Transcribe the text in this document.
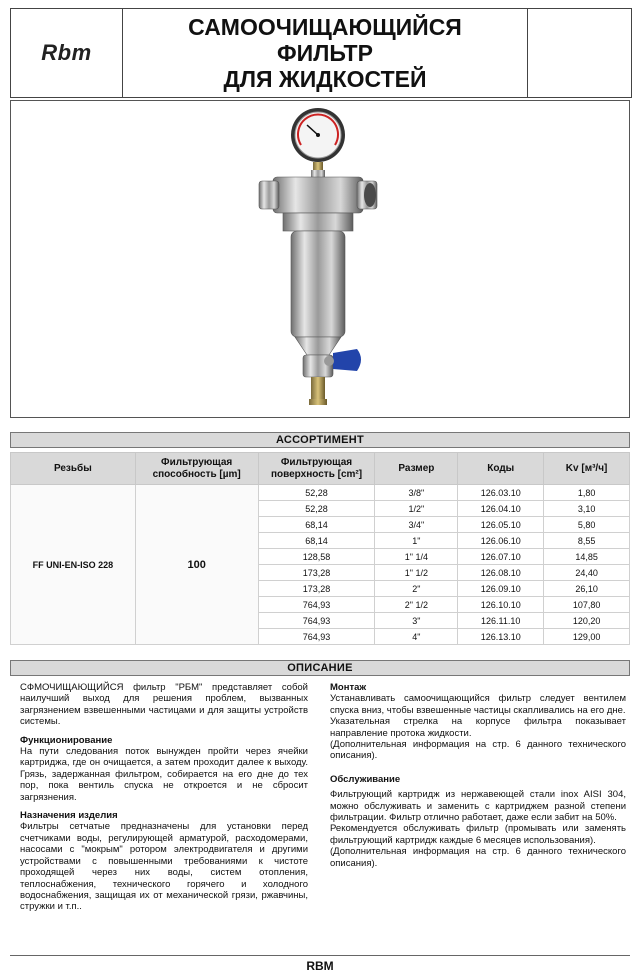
Rbm
САМООЧИЩАЮЩИЙСЯ
ФИЛЬТР
ДЛЯ ЖИДКОСТЕЙ
АССОРТИМЕНТ
Резьбы	Фильтрующая способность [µm]	Фильтрующая поверхность [cm²]	Размер	Коды	Kv [м³/ч]
FF UNI-EN-ISO 228	100	52,28	3/8"	126.03.10	1,80
		52,28	1/2"	126.04.10	3,10
		68,14	3/4"	126.05.10	5,80
		68,14	1"	126.06.10	8,55
		128,58	1" 1/4	126.07.10	14,85
		173,28	1" 1/2	126.08.10	24,40
		173,28	2"	126.09.10	26,10
		764,93	2" 1/2	126.10.10	107,80
		764,93	3"	126.11.10	120,20
		764,93	4"	126.13.10	129,00
ОПИСАНИЕ

СФМОЧИЩАЮЩИЙСЯ фильтр "РБМ" представляет собой наилучший выход для решения проблем, вызванных загрязнением взвешенными частицами и для защиты устройств системы.

Функционирование

На пути следования поток вынужден пройти через ячейки картриджа, где он очищается, а затем проходит далее к выходу. Грязь, задержанная фильтром, собирается на его дне до тех пор, пока вентиль спуска не откроется и не сбросит загрязнения.

Назначения изделия

Фильтры сетчатые предназначены для установки перед счетчиками воды, регулирующей арматурой, расходомерами, насосами с "мокрым" ротором электродвигателя и другими устройствами с повышенными требованиями к чистоте проходящей через них воды, систем отопления, теплоснабжения, технического горячего и холодного водоснабжения, защищая их от механической грязи, ржавчины, стружки и т.п..

Монтаж

Устанавливать самоочищающийся фильтр следует вентилем спуска вниз, чтобы взвешенные частицы скапливались на его дне.

Указательная стрелка на корпусе фильтра показывает направление протока жидкости.

(Дополнительная информация на стр. 6 данного технического описания).

Обслуживание

Фильтрующий картридж из нержавеющей стали inox AISI 304, можно обслуживать и заменить с картриджем разной степени фильтрации. Фильтр отлично работает, даже если забит на 50%.

Рекомендуется обслуживать фильтр (промывать или заменять фильтрующий картридж каждые 6 месяцев использования).

(Дополнительная информация на стр. 6 данного технического описания).

RBM
